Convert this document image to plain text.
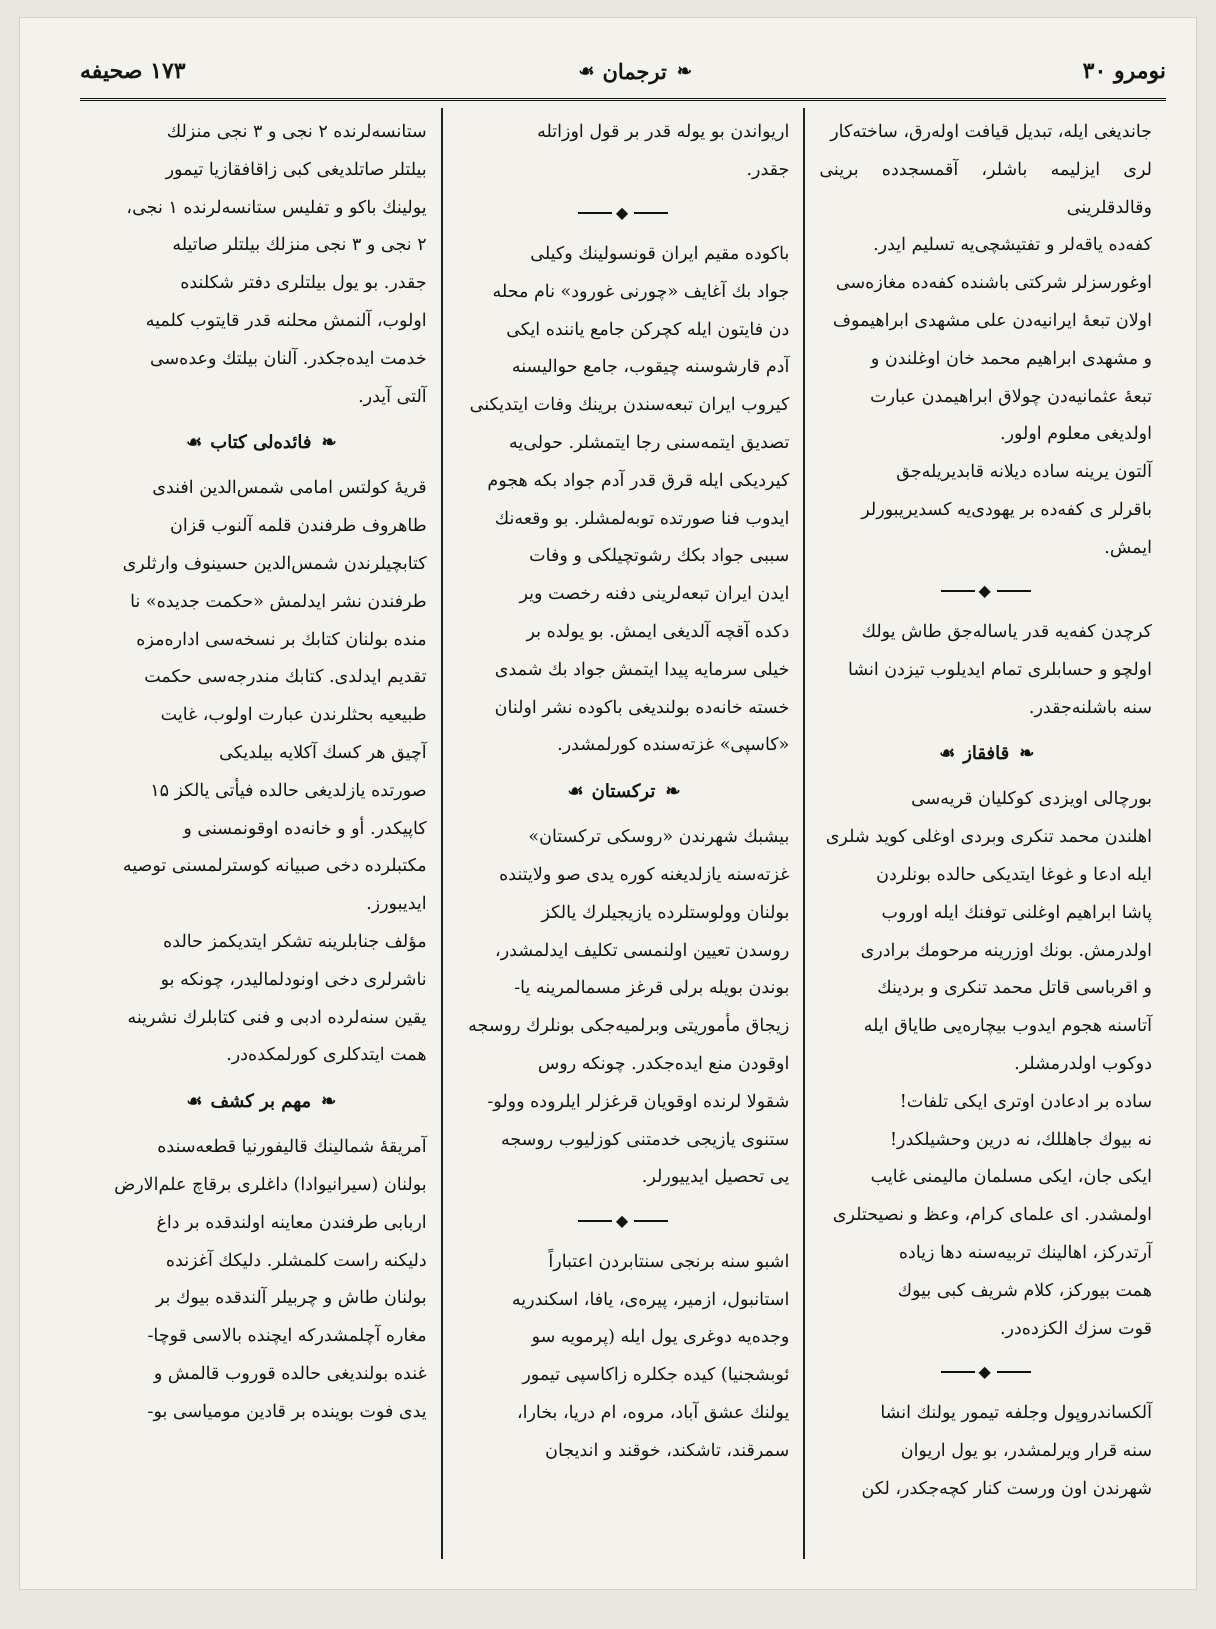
نومرو ۳۰
❧
ترجمان
☙
۱۷۳ صحیفه

جاندیغی ایله، تبدیل قیافت اوله‌رق، ساخته‌کار

لری ایزلیمه باشلر، آقمسجدده برینی وقالدقلرینی

کفه‌ده یاقه‌لر و تفتیشچی‌یه تسلیم ایدر.

اوغورسزلر شرکتی باشنده کفه‌ده مغازه‌سی

اولان تبعهٔ ایرانیه‌دن علی مشهدی ابراهیموف

و مشهدی ابراهیم محمد خان اوغلندن و

تبعهٔ عثمانیه‌دن چولاق ابراهیمدن عبارت

اولدیغی معلوم اولور.

آلتون یرینه ساده دیلانه قابدیریله‌جق

باقرلر ی کفه‌ده بر یهودی‌یه کسدیریبورلر

ایمش.

◆

کرچدن کفه‌یه قدر یاساله‌جق طاش یولك

اولچو و حسابلری تمام ایدیلوب تیزدن انشا

سنه باشلنه‌جقدر.

❧
قافقاز
☙

بورچالی اویزدی کوکلیان قریه‌سی

اهلندن محمد تنکری وبردی اوغلی کوید شلری

ایله ادعا و غوغا ایتدیکی حالده بونلردن

پاشا ابراهیم اوغلنی توفنك ایله اوروب

اولدرمش. بونك اوزرینه مرحومك برادری

و اقرباسی قاتل محمد تنکری و بردینك

آتاسنه هجوم ایدوب بیچاره‌یی طایاق ایله

دوکوب اولدرمشلر.

ساده بر ادعادن اوتری ایکی تلفات!

نه بیوك جاهللك، نه درین وحشیلکدر!

ایکی جان، ایکی مسلمان مالیمنی غایب

اولمشدر. ای علمای کرام، وعظ و نصیحتلری

آرتدرکز، اهالینك تربیه‌سنه دها زیاده

همت بیورکز، کلام شریف کبی بیوك

قوت سزك الکزده‌در.

◆

آلکساندروپول وجلفه تیمور یولنك انشا

سنه قرار ویرلمشدر، بو یول اریوان

شهرندن اون ورست کنار کچه‌جکدر، لکن

اریواندن بو یوله قدر بر قول اوزاتله

جقدر.

◆

باکوده مقیم ایران قونسولینك وکیلی

جواد بك آغایف «چورنی غورود» نام محله

دن فایتون ایله کچرکن جامع یاننده ایکی

آدم قارشوسنه چیقوب، جامع حوالیسنه

کیروب ایران تبعه‌سندن برینك وفات ایتدیکنی

تصدیق ایتمه‌سنی رجا ایتمشلر. حولی‌یه

کیردیکی ایله قرق قدر آدم جواد بکه هجوم

ایدوب فنا صورتده توبه‌لمشلر. بو وقعه‌نك

سببی جواد بکك رشوتچیلکی و وفات

ایدن ایران تبعه‌لرینی دفنه رخصت ویر

دکده آقچه آلدیغی ایمش. بو یولده بر

خیلی سرمایه پیدا ایتمش جواد بك شمدی

خسته خانه‌ده بولندیغی باکوده نشر اولنان

«کاسپی» غزته‌سنده کورلمشدر.

❧
ترکستان
☙

بیشبك شهرندن «روسکی ترکستان»

غزته‌سنه یازلدیغنه کوره یدی صو ولایتنده

بولنان وولوستلرده یازیجیلرك یالکز

روسدن تعیین اولنمسی تکلیف ایدلمشدر،

بوندن بویله برلی قرغز مسمالمرینه یا-

زیجاق مأموریتی وبرلمیه‌جکی بونلرك روسجه

اوقودن منع ایده‌جکدر. چونکه روس

شقولا لرنده اوقویان قرغزلر ایلروده وولو-

ستنوی یازیجی خدمتنی کوزلیوب روسجه

یی تحصیل ایدییورلر.

◆

اشبو سنه برنجی سنتابردن اعتباراً

استانبول، ازمیر، پیره‌ی، یافا، اسکندریه

وجده‌یه دوغری یول ایله (پرمویه سو

ئوبشجنیا) کیده جکلره زاکاسپی تیمور

یولنك عشق آباد، مروه، ام دریا، بخارا،

سمرقند، تاشکند، خوقند و اندیجان

ستانسه‌لرنده ۲ نجی و ۳ نجی منزلك

بیلتلر صاتلدیغی کبی زاقافقازیا تیمور

یولینك باکو و تفلیس ستانسه‌لرنده ۱ نجی،

۲ نجی و ۳ نجی منزلك بیلتلر صاتیله

جقدر. بو یول بیلتلری دفتر شکلنده

اولوب، آلنمش محلنه قدر قایتوب کلمیه

خدمت ایده‌جکدر. آلنان بیلتك وعده‌سی

آلتی آیدر.

❧
فائده‌لی کتاب
☙

قریهٔ کولتس امامی شمس‌الدین افندی

طاهروف طرفندن قلمه آلنوب قزان

کتابچیلرندن شمس‌الدین حسینوف وارثلری

طرفندن نشر ایدلمش «حکمت جدیده» نا

منده بولنان کتابك بر نسخه‌سی اداره‌مزه

تقدیم ایدلدی. کتابك مندرجه‌سی حکمت

طبیعیه بحثلرندن عبارت اولوب، غایت

آچیق هر کسك آکلایه بیلدیکی

صورتده یازلدیغی حالده فیأتی یالکز ۱۵

کاپیکدر. أو و خانه‌ده اوقونمسنی و

مکتبلرده دخی صبیانه کوسترلمسنی توصیه

ایدیبورز.

مؤلف جنابلرینه تشکر ایتدیکمز حالده

ناشرلری دخی اونودلمالیدر، چونکه بو

یقین سنه‌لرده ادبی و فنی کتابلرك نشرینه

همت ایتدکلری کورلمکده‌در.

❧
مهم بر کشف
☙

آمریقهٔ شمالینك قالیفورنیا قطعه‌سنده

بولنان (سیرانیوادا) داغلری برقاچ علم‌الارض

اربابی طرفندن معاینه اولندقده بر داغ

دلیکنه راست کلمشلر. دلیکك آغزنده

بولنان طاش و چربیلر آلندقده بیوك بر

مغاره آچلمشدرکه ایچنده بالاسی قوچا-

غنده بولندیغی حالده قوروب قالمش و

یدی فوت بوینده بر قادین مومیاسی بو-
